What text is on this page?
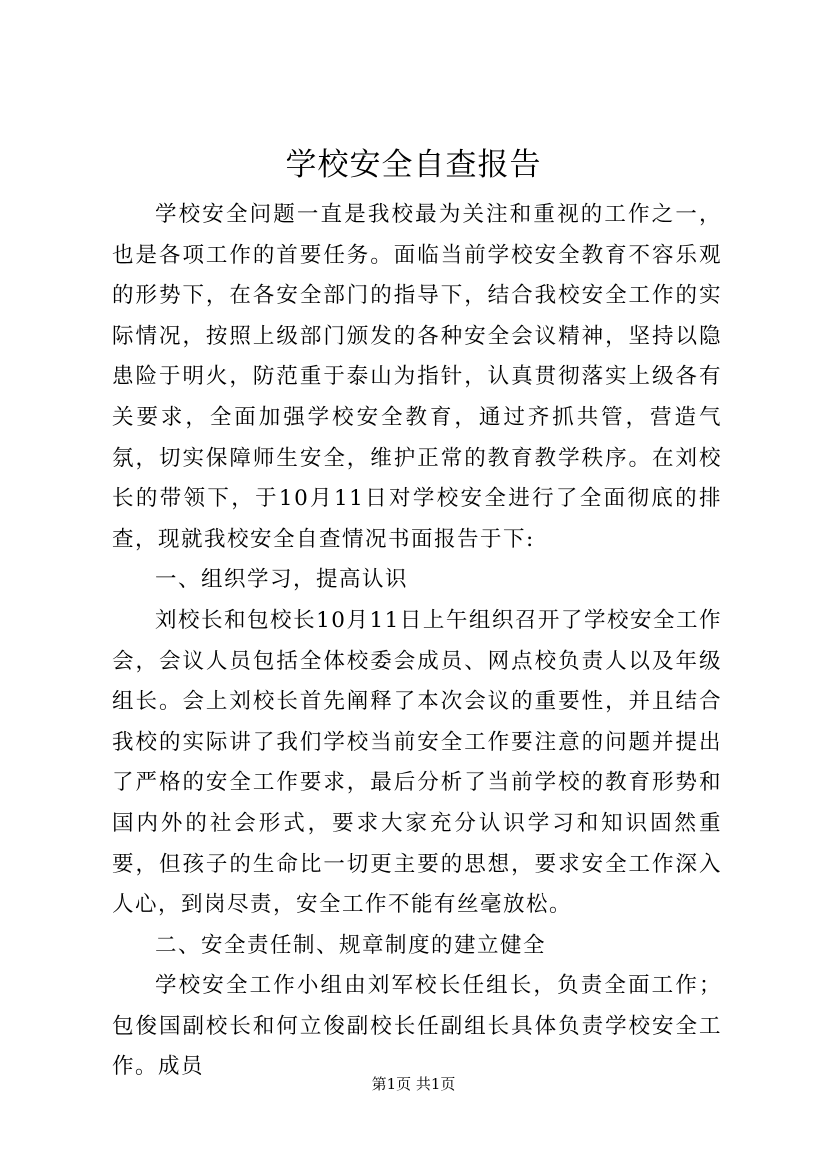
学校安全自查报告

学校安全问题一直是我校最为关注和重视的工作之一，也是各项工作的首要任务。面临当前学校安全教育不容乐观的形势下，在各安全部门的指导下，结合我校安全工作的实际情况，按照上级部门颁发的各种安全会议精神，坚持以隐患险于明火，防范重于泰山为指针，认真贯彻落实上级各有关要求，全面加强学校安全教育，通过齐抓共管，营造气氛，切实保障师生安全，维护正常的教育教学秩序。在刘校长的带领下，于10月11日对学校安全进行了全面彻底的排查，现就我校安全自查情况书面报告于下:

一、组织学习，提高认识

刘校长和包校长10月11日上午组织召开了学校安全工作会，会议人员包括全体校委会成员、网点校负责人以及年级组长。会上刘校长首先阐释了本次会议的重要性，并且结合我校的实际讲了我们学校当前安全工作要注意的问题并提出了严格的安全工作要求，最后分析了当前学校的教育形势和国内外的社会形式，要求大家充分认识学习和知识固然重要，但孩子的生命比一切更主要的思想，要求安全工作深入人心，到岗尽责，安全工作不能有丝毫放松。

二、安全责任制、规章制度的建立健全

学校安全工作小组由刘军校长任组长，负责全面工作；包俊国副校长和何立俊副校长任副组长具体负责学校安全工作。成员

第1页 共1页
